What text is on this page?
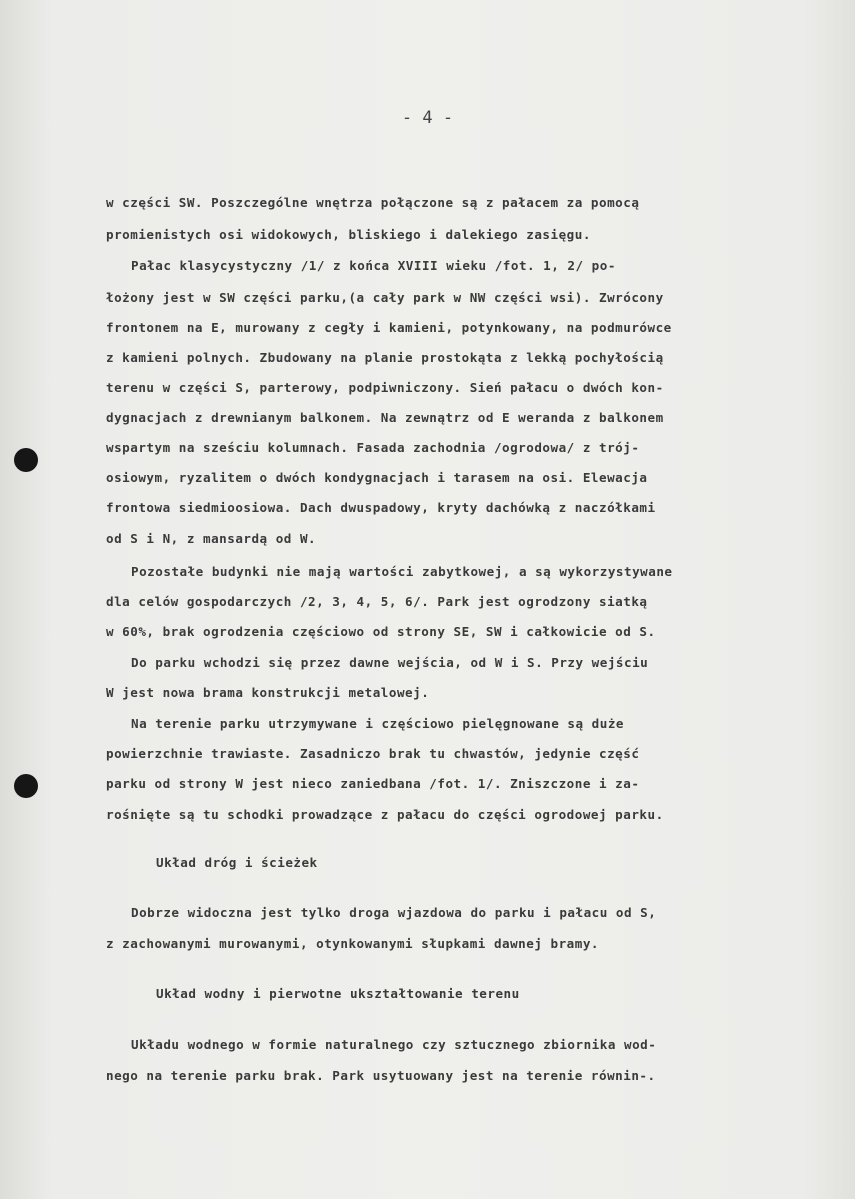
- 4 -
w części SW. Poszczególne wnętrza połączone są z pałacem za pomocą
promienistych osi widokowych, bliskiego i dalekiego zasięgu.
Pałac klasycystyczny /1/ z końca XVIII wieku /fot. 1, 2/ po-
łożony jest w SW części parku,(a cały park w NW części wsi). Zwrócony
frontonem na E, murowany z cegły i kamieni, potynkowany, na podmurówce
z kamieni polnych. Zbudowany na planie prostokąta z lekką pochyłością
terenu w części S, parterowy, podpiwniczony. Sień pałacu o dwóch kon-
dygnacjach z drewnianym balkonem. Na zewnątrz od E weranda z balkonem
wspartym na sześciu kolumnach. Fasada zachodnia /ogrodowa/ z trój-
osiowym, ryzalitem o dwóch kondygnacjach i tarasem na osi. Elewacja
frontowa siedmioosiowa. Dach dwuspadowy, kryty dachówką z naczółkami
od S i N, z mansardą od W.
Pozostałe budynki nie mają wartości zabytkowej, a są wykorzystywane
dla celów gospodarczych /2, 3, 4, 5, 6/. Park jest ogrodzony siatką
w 60%, brak ogrodzenia częściowo od strony SE, SW i całkowicie od S.
Do parku wchodzi się przez dawne wejścia, od W i S. Przy wejściu
W jest nowa brama konstrukcji metalowej.
Na terenie parku utrzymywane i częściowo pielęgnowane są duże
powierzchnie trawiaste. Zasadniczo brak tu chwastów, jedynie część
parku od strony W jest nieco zaniedbana /fot. 1/. Zniszczone i za-
rośnięte są tu schodki prowadzące z pałacu do części ogrodowej parku.
Układ dróg i ścieżek
Dobrze widoczna jest tylko droga wjazdowa do parku i pałacu od S,
z zachowanymi murowanymi, otynkowanymi słupkami dawnej bramy.
Układ wodny i pierwotne ukształtowanie terenu
Układu wodnego w formie naturalnego czy sztucznego zbiornika wod-
nego na terenie parku brak. Park usytuowany jest na terenie równin-.
